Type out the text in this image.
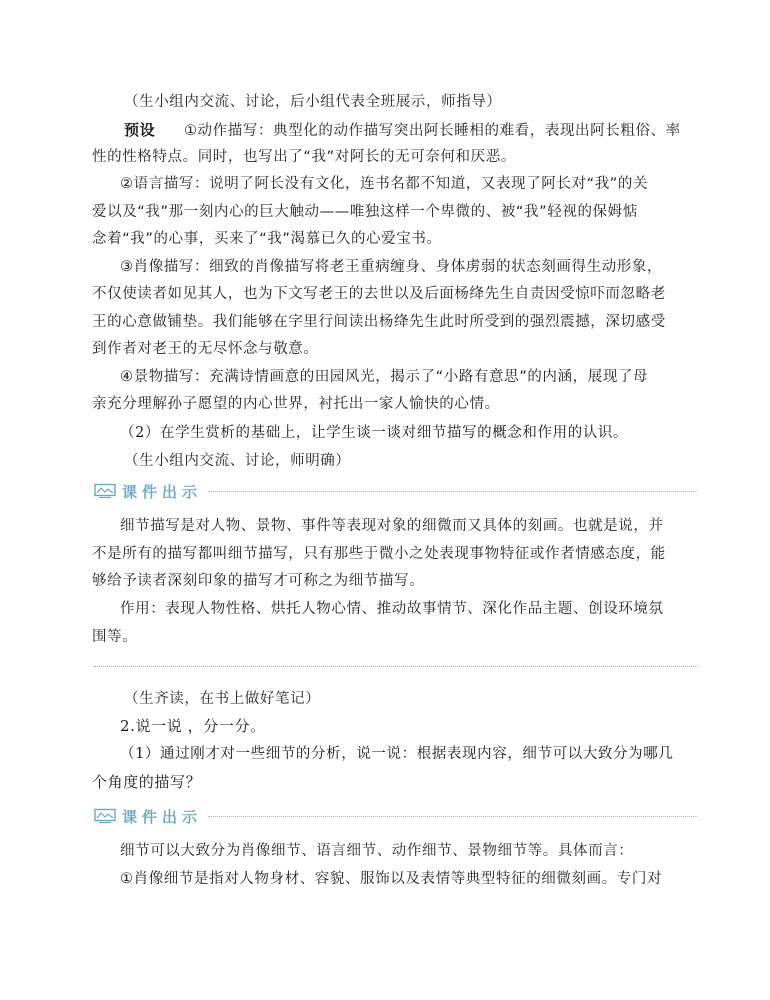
（生小组内交流、讨论，后小组代表全班展示，师指导）
预设 ①动作描写：典型化的动作描写突出阿长睡相的难看，表现出阿长粗俗、率
性的性格特点。同时，也写出了“我”对阿长的无可奈何和厌恶。
②语言描写：说明了阿长没有文化，连书名都不知道，又表现了阿长对“我”的关
爱以及“我”那一刻内心的巨大触动——唯独这样一个卑微的、被“我”轻视的保姆惦
念着“我”的心事，买来了“我”渴慕已久的心爱宝书。
③肖像描写：细致的肖像描写将老王重病缠身、身体虏弱的状态刻画得生动形象，
不仅使读者如见其人，也为下文写老王的去世以及后面杨绛先生自责因受惊吓而忽略老
王的心意做铺垫。我们能够在字里行间读出杨绛先生此时所受到的强烈震撼，深切感受
到作者对老王的无尽怀念与敬意。
④景物描写：充满诗情画意的田园风光，揭示了“小路有意思”的内涵，展现了母
亲充分理解孙子愿望的内心世界，衬托出一家人愉快的心情。
（2）在学生赏析的基础上，让学生谈一谈对细节描写的概念和作用的认识。
（生小组内交流、讨论，师明确）
课件出示
细节描写是对人物、景物、事件等表现对象的细微而又具体的刻画。也就是说，并
不是所有的描写都叫细节描写，只有那些于微小之处表现事物特征或作者情感态度，能
够给予读者深刻印象的描写才可称之为细节描写。
作用：表现人物性格、烘托人物心情、推动故事情节、深化作品主题、创设环境氛
围等。
（生齐读，在书上做好笔记）
2.说一说 ，分一分。
（1）通过刚才对一些细节的分析，说一说：根据表现内容，细节可以大致分为哪几
个角度的描写？
课件出示
细节可以大致分为肖像细节、语言细节、动作细节、景物细节等。具体而言：
①肖像细节是指对人物身材、容貌、服饰以及表情等典型特征的细微刻画。专门对
